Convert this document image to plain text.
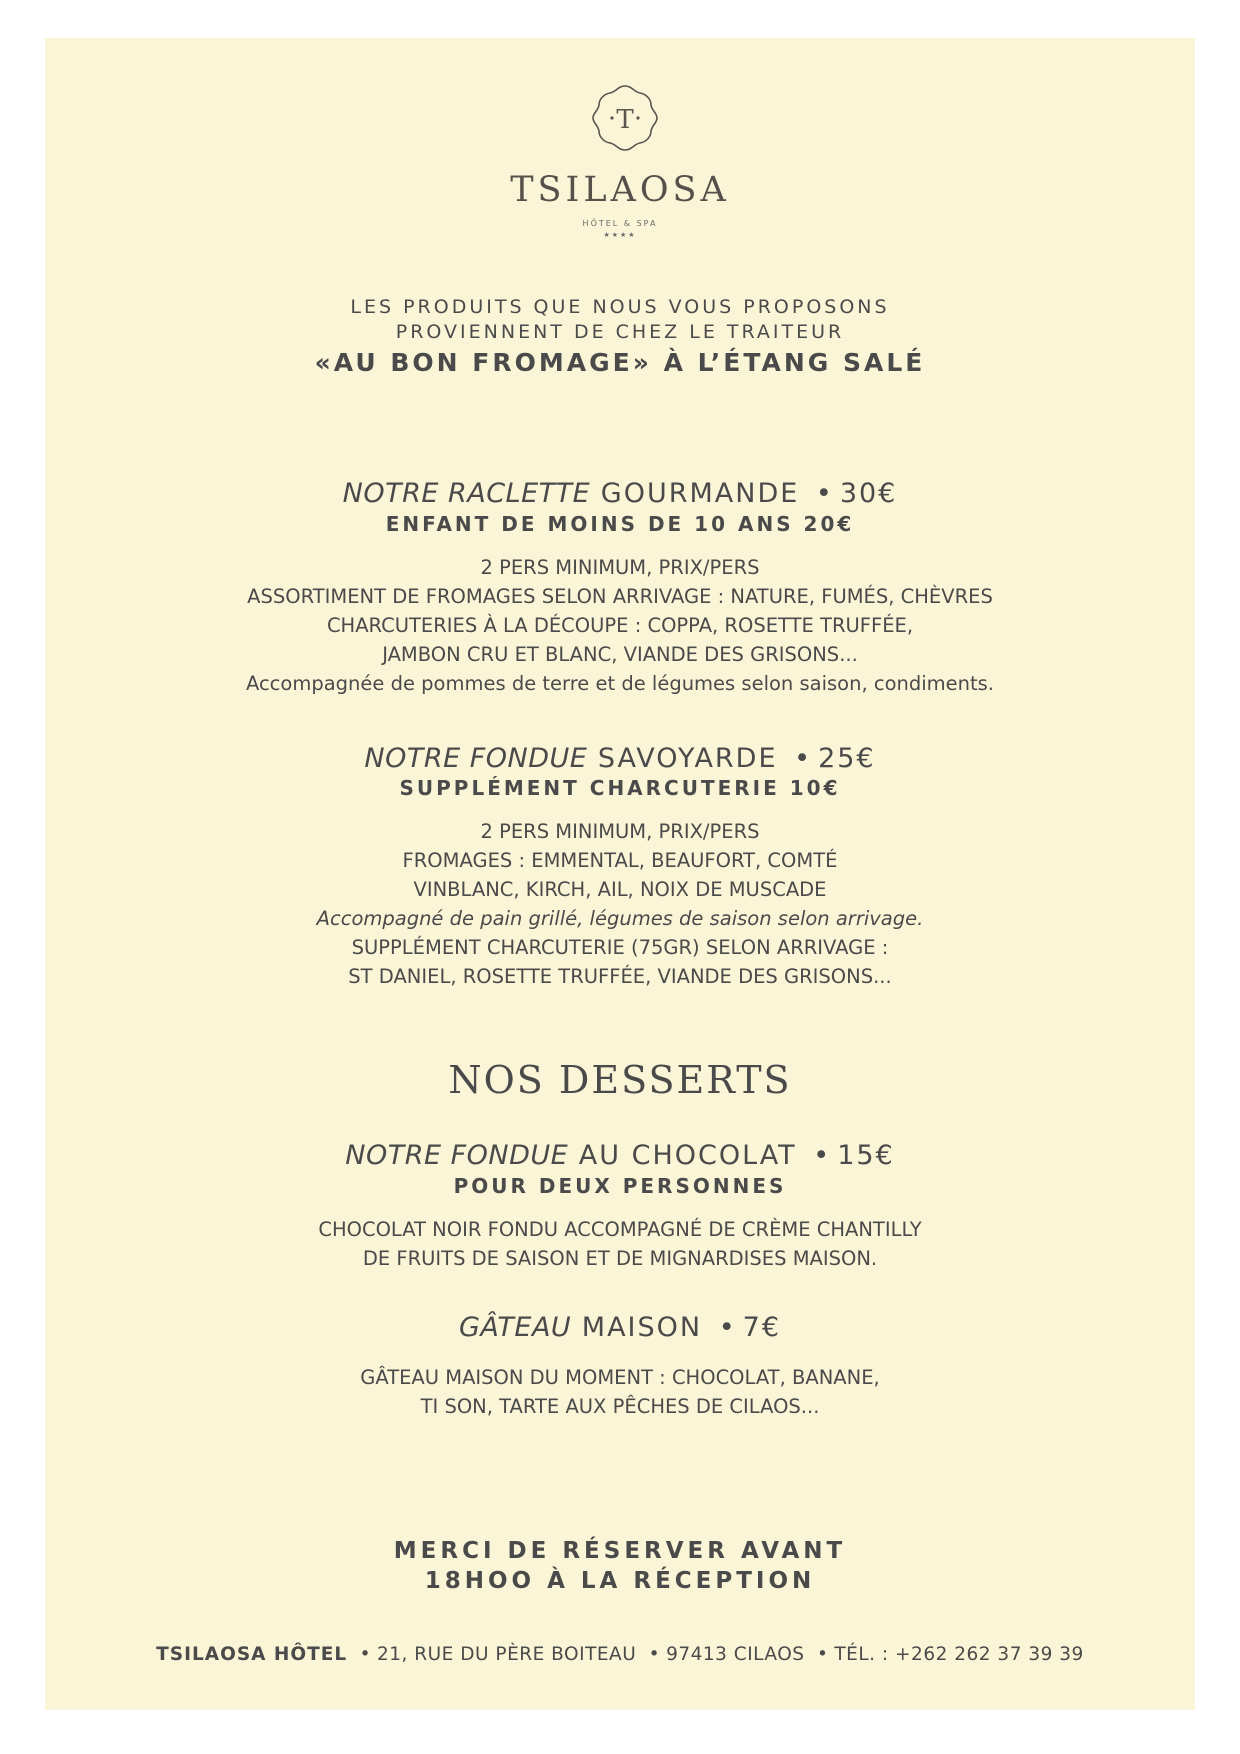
T
TSILAOSA
HÔTEL & SPA
★★★★
LES PRODUITS QUE NOUS VOUS PROPOSONS
PROVIENNENT DE CHEZ LE TRAITEUR
«AU BON FROMAGE» À L’ÉTANG SALÉ
NOTRE RACLETTE GOURMANDE • 30€
ENFANT DE MOINS DE 10 ANS 20€
2 PERS MINIMUM, PRIX/PERS
ASSORTIMENT DE FROMAGES SELON ARRIVAGE : NATURE, FUMÉS, CHÈVRES
CHARCUTERIES À LA DÉCOUPE : COPPA, ROSETTE TRUFFÉE,
JAMBON CRU ET BLANC, VIANDE DES GRISONS...
Accompagnée de pommes de terre et de légumes selon saison, condiments.
NOTRE FONDUE SAVOYARDE • 25€
SUPPLÉMENT CHARCUTERIE 10€
2 PERS MINIMUM, PRIX/PERS
FROMAGES : EMMENTAL, BEAUFORT, COMTÉ
VINBLANC, KIRCH, AIL, NOIX DE MUSCADE
Accompagné de pain grillé, légumes de saison selon arrivage.
SUPPLÉMENT CHARCUTERIE (75GR) SELON ARRIVAGE :
ST DANIEL, ROSETTE TRUFFÉE, VIANDE DES GRISONS...
NOS DESSERTS
NOTRE FONDUE AU CHOCOLAT • 15€
POUR DEUX PERSONNES
CHOCOLAT NOIR FONDU ACCOMPAGNÉ DE CRÈME CHANTILLY
DE FRUITS DE SAISON ET DE MIGNARDISES MAISON.
GÂTEAU MAISON • 7€
GÂTEAU MAISON DU MOMENT : CHOCOLAT, BANANE,
TI SON, TARTE AUX PÊCHES DE CILAOS...
MERCI DE RÉSERVER AVANT
18HOO À LA RÉCEPTION
TSILAOSA HÔTEL • 21, RUE DU PÈRE BOITEAU • 97413 CILAOS • TÉL. : +262 262 37 39 39
